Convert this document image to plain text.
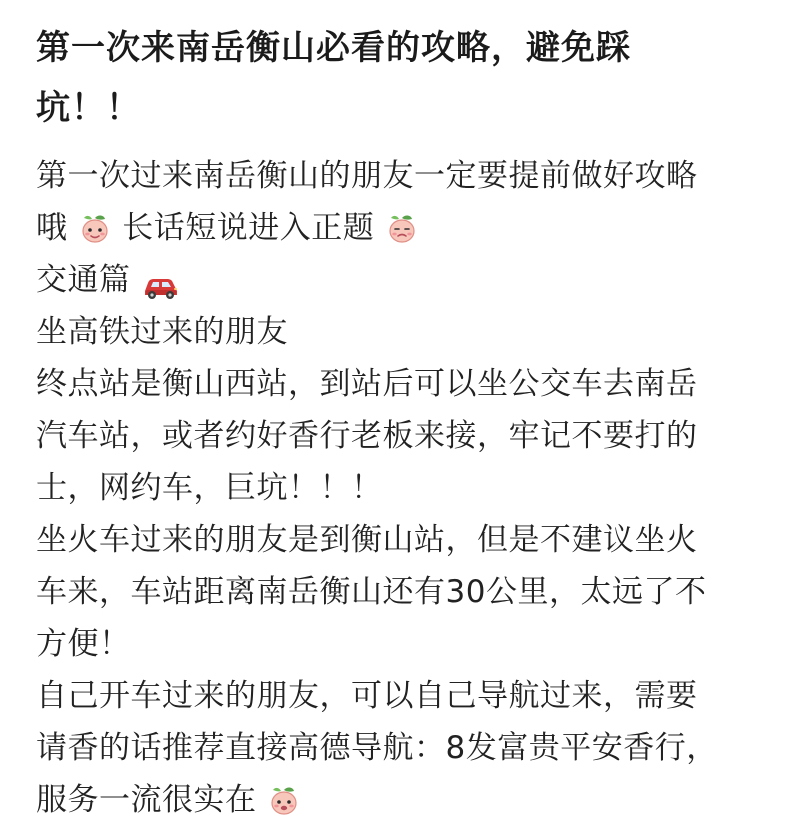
第一次来南岳衡山必看的攻略，避免踩
坑！！
第一次过来南岳衡山的朋友一定要提前做好攻略
哦 长话短说进入正题
交通篇
坐高铁过来的朋友
终点站是衡山西站，到站后可以坐公交车去南岳
汽车站，或者约好香行老板来接，牢记不要打的
士，网约车，巨坑！！！
坐火车过来的朋友是到衡山站，但是不建议坐火
车来，车站距离南岳衡山还有30公里，太远了不
方便！
自己开车过来的朋友，可以自己导航过来，需要
请香的话推荐直接高德导航：8发富贵平安香行，
服务一流很实在
